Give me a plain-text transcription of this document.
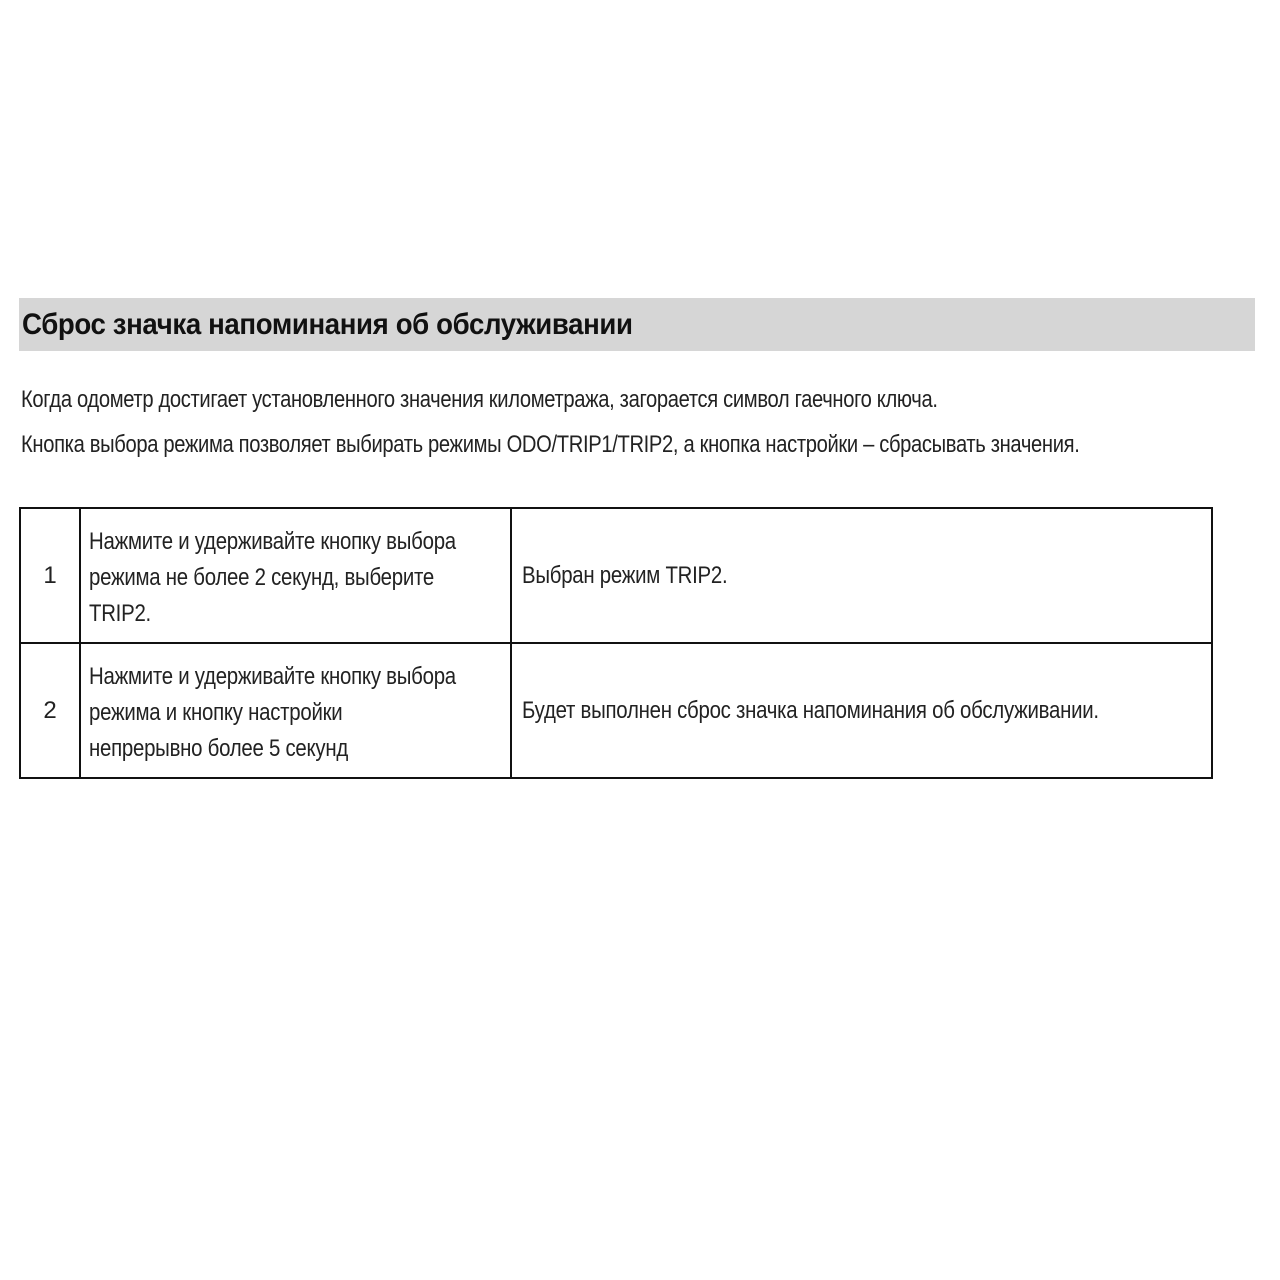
Сброс значка напоминания об обслуживании
Когда одометр достигает установленного значения километража, загорается символ гаечного ключа.
Кнопка выбора режима позволяет выбирать режимы ODO/TRIP1/TRIP2, а кнопка настройки – сбрасывать значения.
1	Нажмите и удерживайте кнопку выбора
режима не более 2 секунд, выберите
TRIP2.	Выбран режим TRIP2.

2	Нажмите и удерживайте кнопку выбора
режима и кнопку настройки
непрерывно более 5 секунд	Будет выполнен сброс значка напоминания об обслуживании.
